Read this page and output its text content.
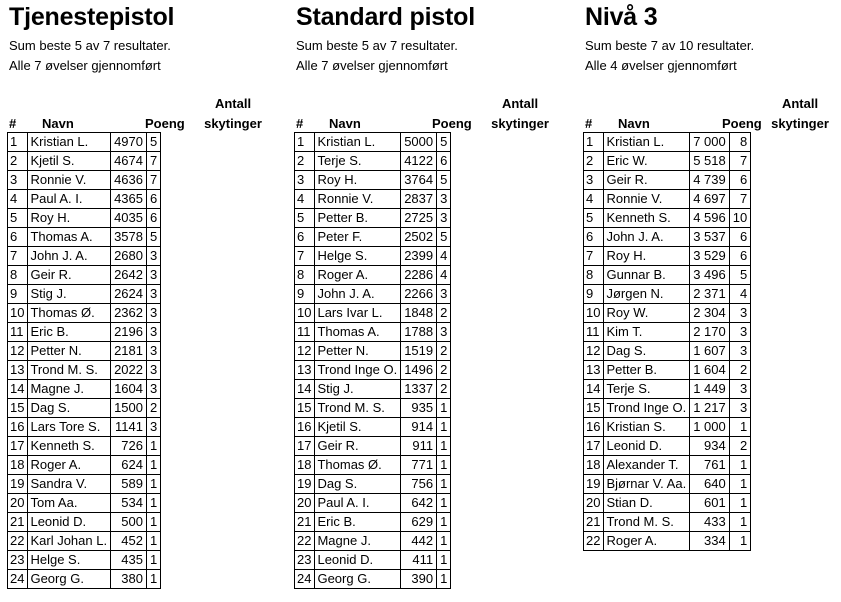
Tjenestepistol
Sum beste 5 av 7 resultater.
Alle 7 øvelser gjennomført
# Navn	Poeng
Antall
skytinger
1	Kristian L.	4970	5
2	Kjetil S.	4674	7
3	Ronnie V.	4636	7
4	Paul A. I.	4365	6
5	Roy H.	4035	6
6	Thomas A.	3578	5
7	John J. A.	2680	3
8	Geir R.	2642	3
9	Stig J.	2624	3
10	Thomas Ø.	2362	3
11	Eric B.	2196	3
12	Petter N.	2181	3
13	Trond M. S.	2022	3
14	Magne J.	1604	3
15	Dag S.	1500	2
16	Lars Tore S.	1141	3
17	Kenneth S.	726	1
18	Roger A.	624	1
19	Sandra V.	589	1
20	Tom Aa.	534	1
21	Leonid D.	500	1
22	Karl Johan L.	452	1
23	Helge S.	435	1
24	Georg G.	380	1
Standard pistol
Sum beste 5 av 7 resultater.
Alle 7 øvelser gjennomført
# Navn	Poeng
Antall
skytinger
1	Kristian L.	5000	5
2	Terje S.	4122	6
3	Roy H.	3764	5
4	Ronnie V.	2837	3
5	Petter B.	2725	3
6	Peter F.	2502	5
7	Helge S.	2399	4
8	Roger A.	2286	4
9	John J. A.	2266	3
10	Lars Ivar L.	1848	2
11	Thomas A.	1788	3
12	Petter N.	1519	2
13	Trond Inge O.	1496	2
14	Stig J.	1337	2
15	Trond M. S.	935	1
16	Kjetil S.	914	1
17	Geir R.	911	1
18	Thomas Ø.	771	1
19	Dag S.	756	1
20	Paul A. I.	642	1
21	Eric B.	629	1
22	Magne J.	442	1
23	Leonid D.	411	1
24	Georg G.	390	1
Nivå 3
Sum beste 7 av 10 resultater.
Alle 4 øvelser gjennomført
# Navn	Poeng
Antall
skytinger
1	Kristian L.	7 000	8
2	Eric W.	5 518	7
3	Geir R.	4 739	6
4	Ronnie V.	4 697	7
5	Kenneth S.	4 596	10
6	John J. A.	3 537	6
7	Roy H.	3 529	6
8	Gunnar B.	3 496	5
9	Jørgen N.	2 371	4
10	Roy W.	2 304	3
11	Kim T.	2 170	3
12	Dag S.	1 607	3
13	Petter B.	1 604	2
14	Terje S.	1 449	3
15	Trond Inge O.	1 217	3
16	Kristian S.	1 000	1
17	Leonid D.	934	2
18	Alexander T.	761	1
19	Bjørnar V. Aa.	640	1
20	Stian D.	601	1
21	Trond M. S.	433	1
22	Roger A.	334	1
